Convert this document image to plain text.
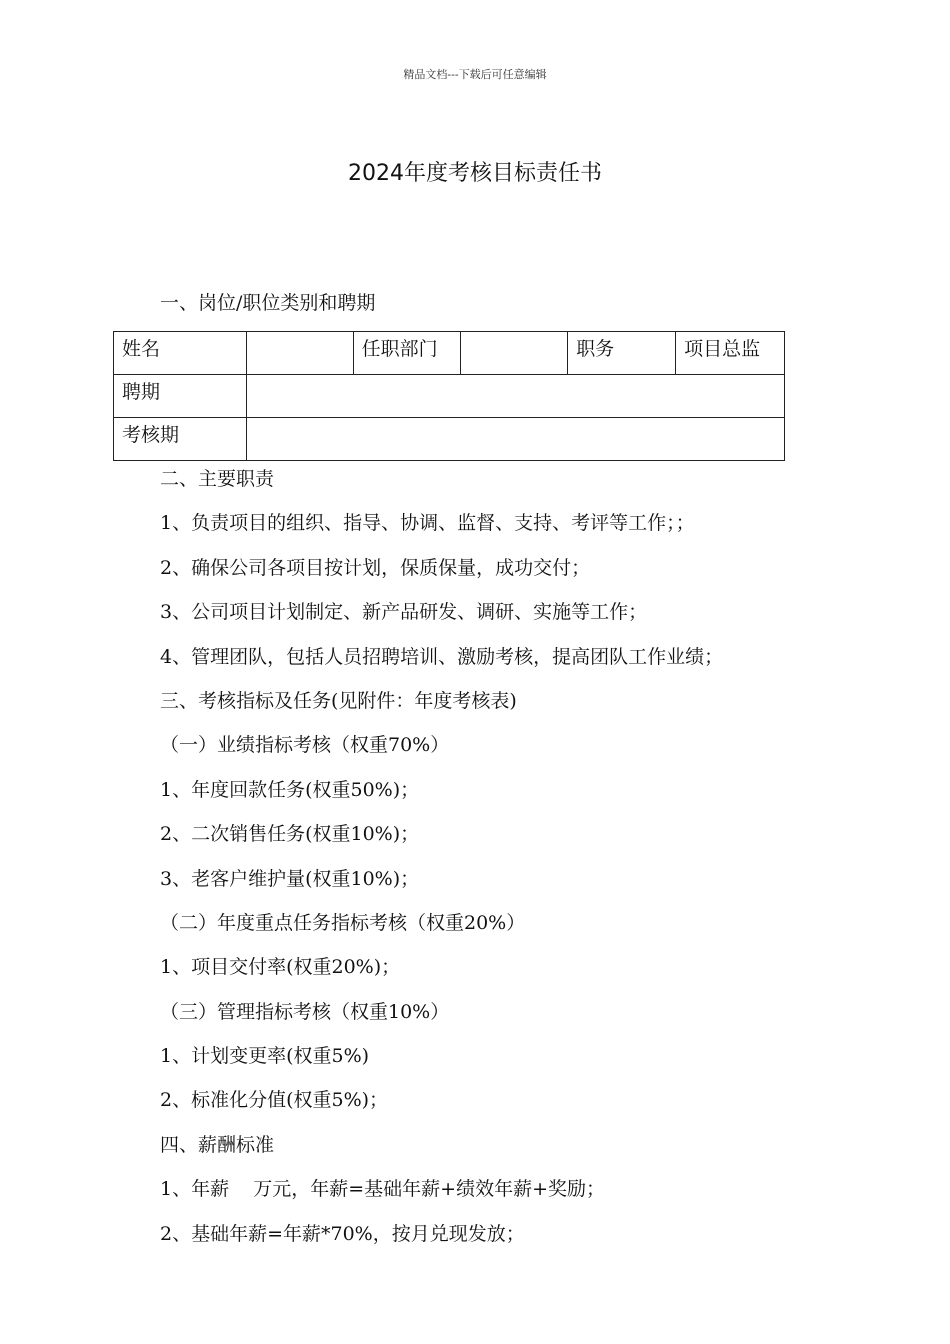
精品文档---下载后可任意编辑
2024年度考核目标责任书
一、岗位/职位类别和聘期
姓名		任职部门		职务	项目总监
聘期					
考核期					
二、主要职责
1、负责项目的组织、指导、协调、监督、支持、考评等工作；；
2、确保公司各项目按计划，保质保量，成功交付；
3、公司项目计划制定、新产品研发、调研、实施等工作；
4、管理团队，包括人员招聘培训、激励考核，提高团队工作业绩；
三、考核指标及任务(见附件：年度考核表)
（一）业绩指标考核（权重70%）
1、年度回款任务(权重50%)；
2、二次销售任务(权重10%)；
3、老客户维护量(权重10%)；
（二）年度重点任务指标考核（权重20%）
1、项目交付率(权重20%)；
（三）管理指标考核（权重10%）
1、计划变更率(权重5%)
2、标准化分值(权重5%)；
四、薪酬标准
1、年薪    万元，年薪=基础年薪+绩效年薪+奖励；
2、基础年薪=年薪*70%，按月兑现发放；
